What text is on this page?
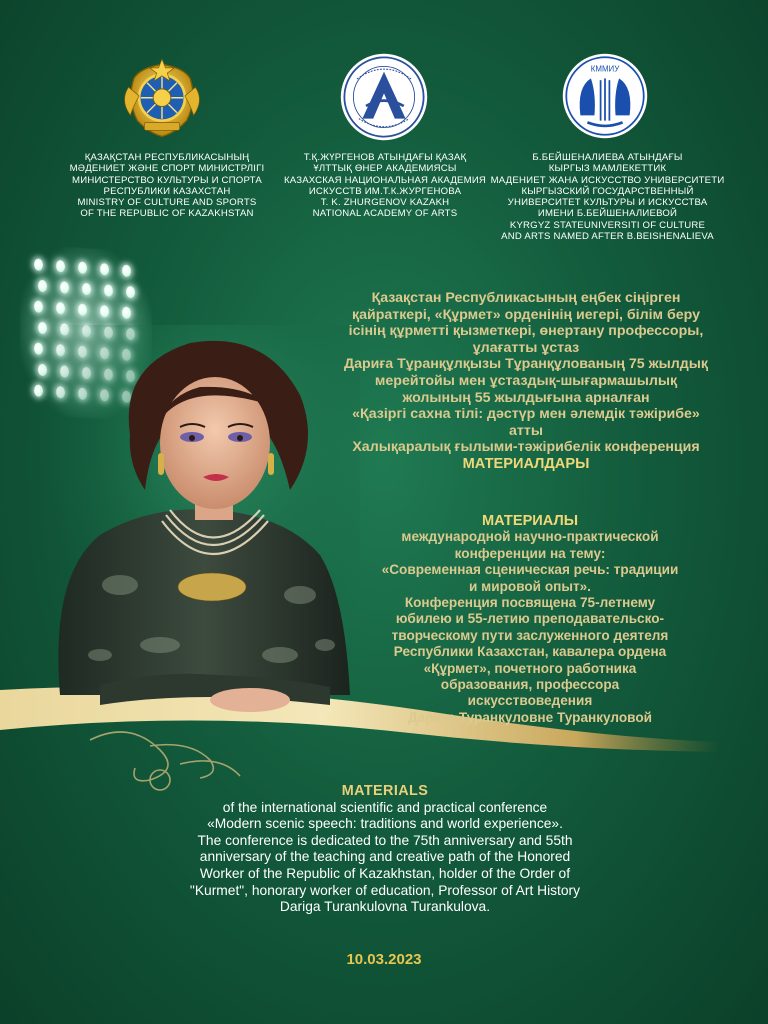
КММИУ
ҚАЗАҚСТАН РЕСПУБЛИКАСЫНЫҢ
МӘДЕНИЕТ ЖӘНЕ СПОРТ МИНИСТРЛІГІ
МИНИСТЕРСТВО КУЛЬТУРЫ И СПОРТА
РЕСПУБЛИКИ КАЗАХСТАН
MINISTRY OF CULTURE AND SPORTS
OF THE REPUBLIC OF KAZAKHSTAN
Т.Қ.ЖҮРГЕНОВ АТЫНДАҒЫ ҚАЗАҚ
ҰЛТТЫҚ ӨНЕР АКАДЕМИЯСЫ
КАЗАХСКАЯ НАЦИОНАЛЬНАЯ АКАДЕМИЯ
ИСКУССТВ ИМ.Т.К.ЖУРГЕНОВА
T. K. ZHURGENOV KAZAKH
NATIONAL ACADEMY OF ARTS
Б.БЕЙШЕНАЛИЕВА АТЫНДАҒЫ
КЫРГЫЗ МАМЛЕКЕТТИК
МАДЕНИЕТ ЖАНА ИСКУССТВО УНИВЕРСИТЕТИ
КЫРГЫЗСКИЙ ГОСУДАРСТВЕННЫЙ
УНИВЕРСИТЕТ КУЛЬТУРЫ И ИСКУССТВА
ИМЕНИ Б.БЕЙШЕНАЛИЕВОЙ
KYRGYZ STATEUNIVERSITI OF CULTURE
AND ARTS NAMED AFTER B.BEISHENALIEVA

Қазақстан Республикасының еңбек сіңірген
қайраткері, «Құрмет» орденінің иегері, білім беру
ісінің құрметті қызметкері, өнертану профессоры,
ұлағатты ұстаз
Дариға Тұранқұлқызы Тұранқұлованың 75 жылдық
мерейтойы мен ұстаздық-шығармашылық
жолының 55 жылдығына арналған
«Қазіргі сахна тілі: дәстүр мен әлемдік тәжірибе»
атты
Халықаралық ғылыми-тәжірибелік конференция

МАТЕРИАЛДАРЫ

МАТЕРИАЛЫ

международной научно-практической
конференции на тему:
«Современная сценическая речь: традиции
и мировой опыт».
Конференция посвящена 75-летнему
юбилею и 55-летию преподавательско-
творческому пути заслуженного деятеля
Республики Казахстан, кавалера ордена
«Құрмет», почетного работника
образования, профессора
искусствоведения
Дариге Туранкуловне Туранкуловой

MATERIALS

of the international scientific and practical conference
«Modern scenic speech: traditions and world experience».
The conference is dedicated to the 75th anniversary and 55th
anniversary of the teaching and creative path of the Honored
Worker of the Republic of Kazakhstan, holder of the Order of
"Kurmet", honorary worker of education, Professor of Art History
Dariga Turankulovna Turankulova.

10.03.2023
